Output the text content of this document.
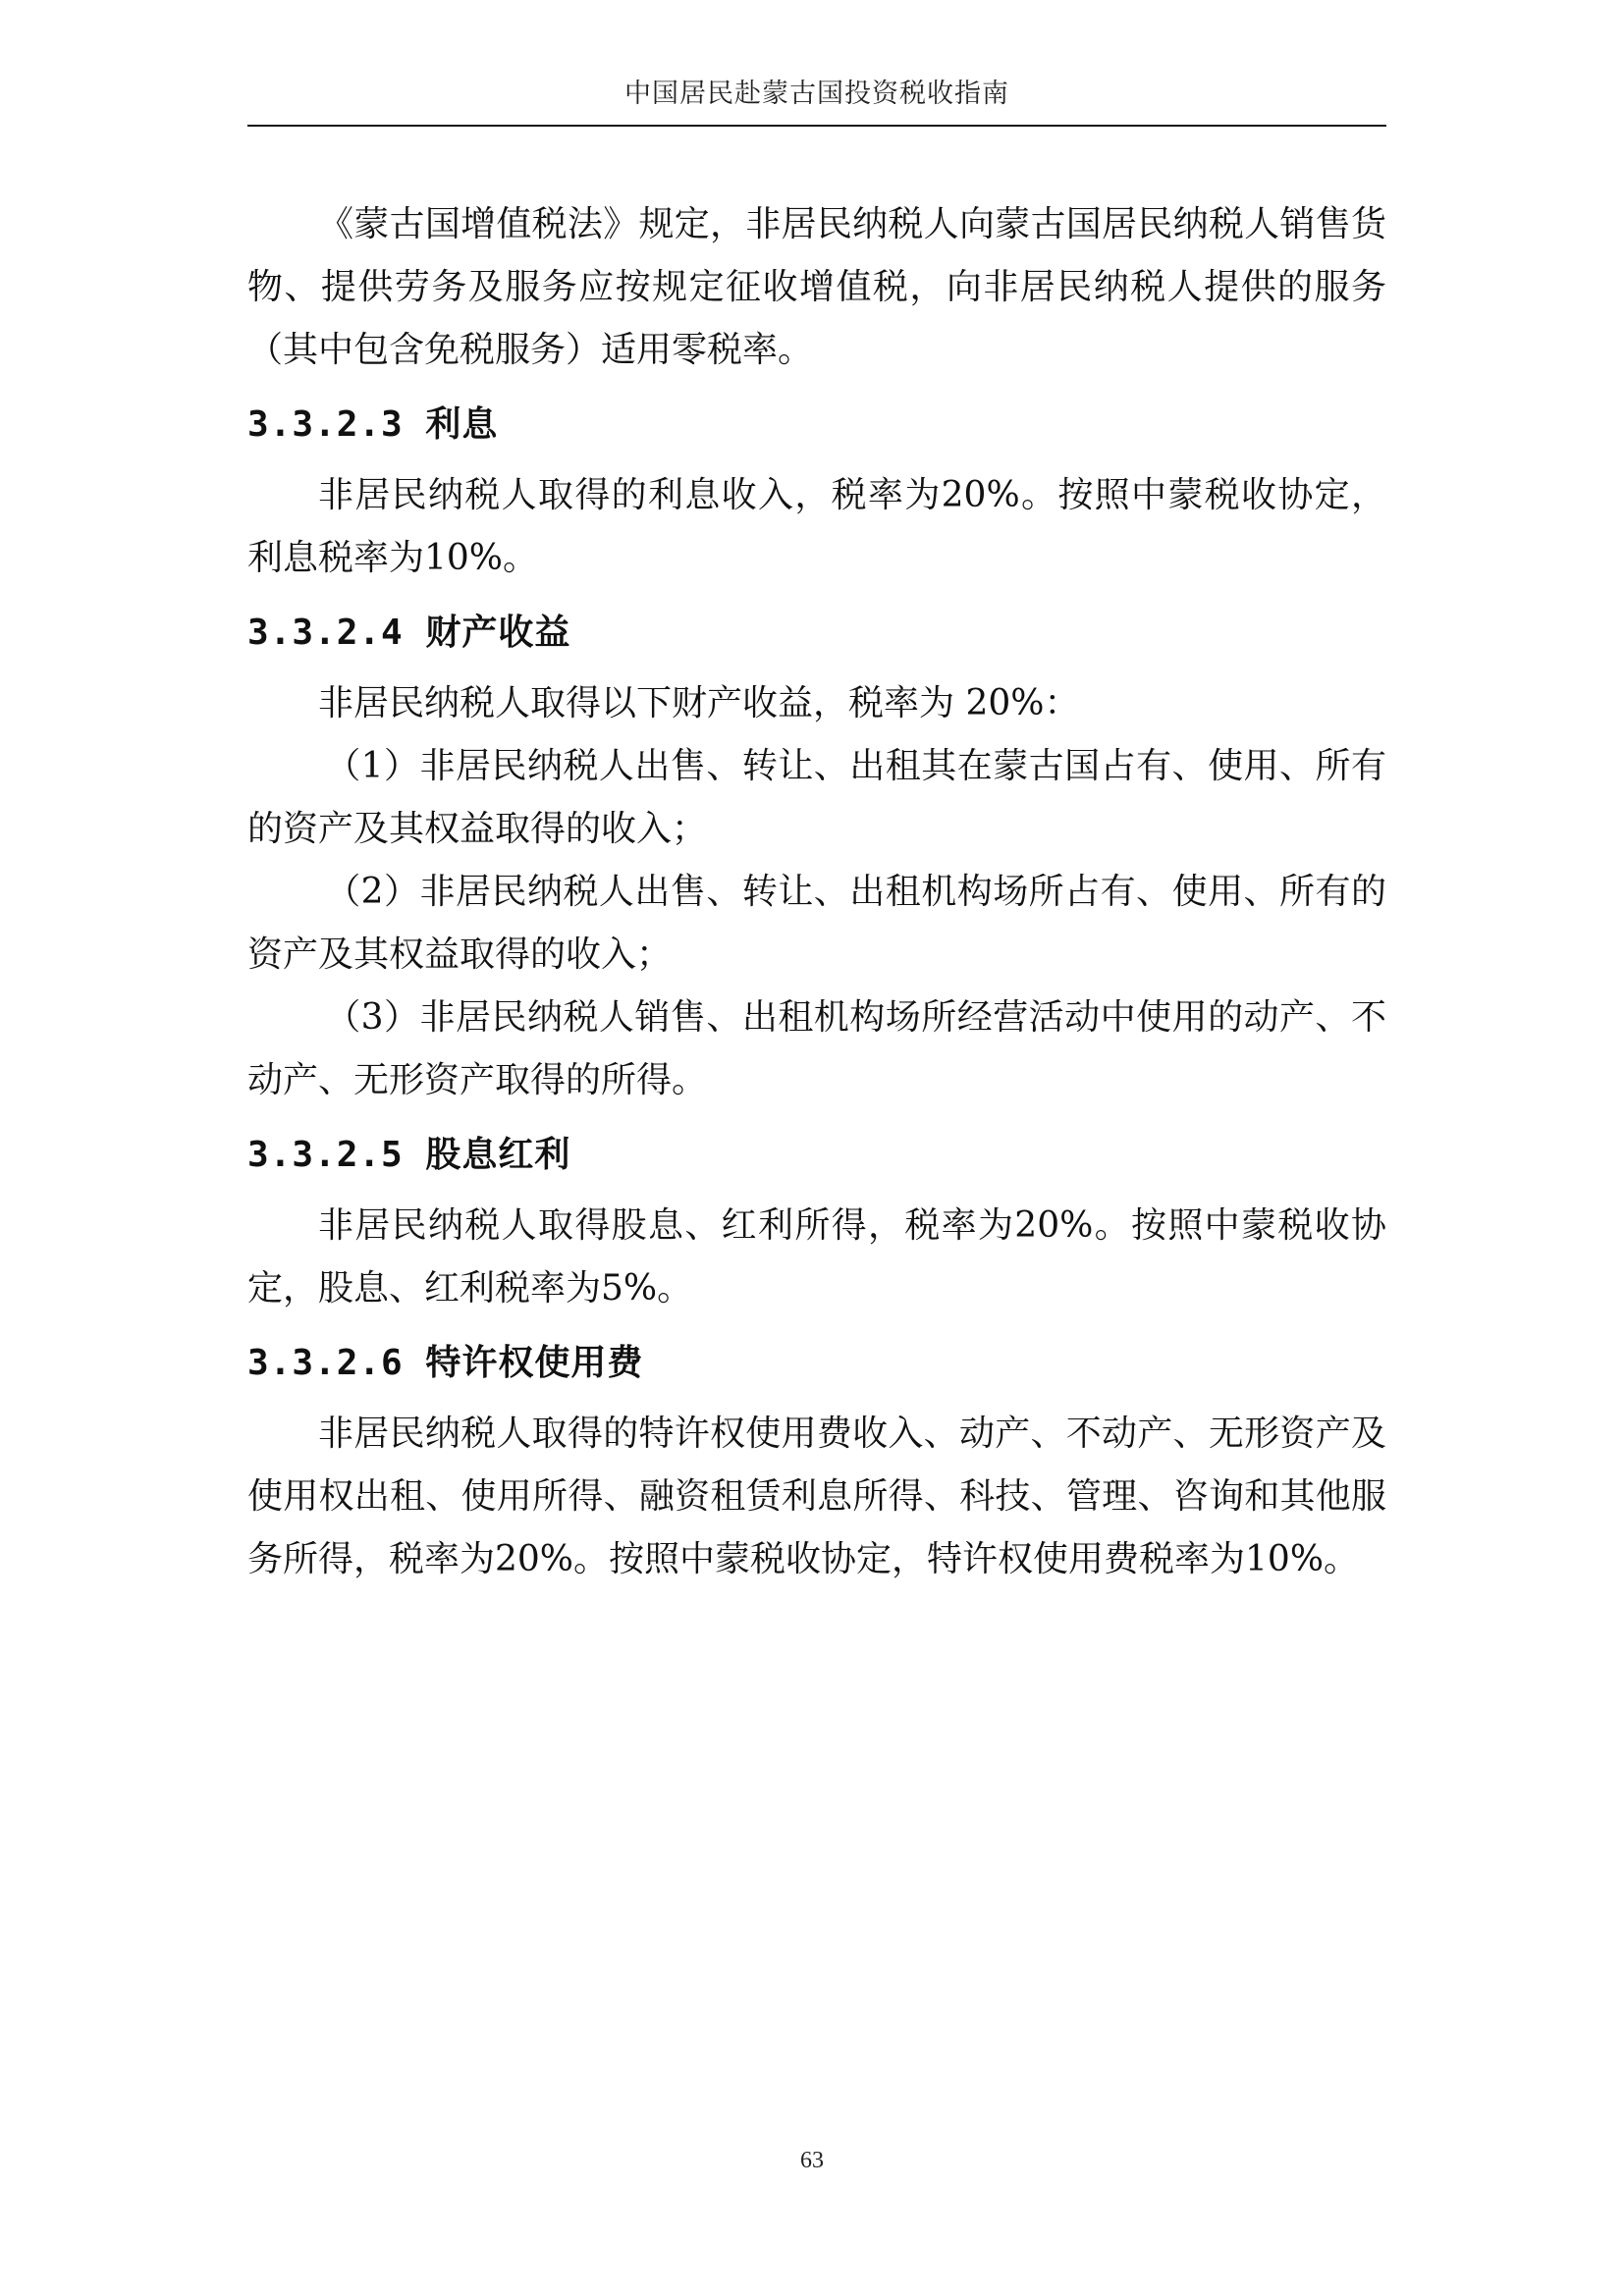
中国居民赴蒙古国投资税收指南

《蒙古国增值税法》规定，非居民纳税人向蒙古国居民纳税人销售货物、提供劳务及服务应按规定征收增值税，向非居民纳税人提供的服务（其中包含免税服务）适用零税率。

3.3.2.3 利息

非居民纳税人取得的利息收入，税率为20%。按照中蒙税收协定，利息税率为10%。

3.3.2.4 财产收益

非居民纳税人取得以下财产收益，税率为 20%：

（1）非居民纳税人出售、转让、出租其在蒙古国占有、使用、所有的资产及其权益取得的收入；

（2）非居民纳税人出售、转让、出租机构场所占有、使用、所有的资产及其权益取得的收入；

（3）非居民纳税人销售、出租机构场所经营活动中使用的动产、不动产、无形资产取得的所得。

3.3.2.5 股息红利

非居民纳税人取得股息、红利所得，税率为20%。按照中蒙税收协定，股息、红利税率为5%。

3.3.2.6 特许权使用费

非居民纳税人取得的特许权使用费收入、动产、不动产、无形资产及使用权出租、使用所得、融资租赁利息所得、科技、管理、咨询和其他服务所得，税率为20%。按照中蒙税收协定，特许权使用费税率为10%。

63
